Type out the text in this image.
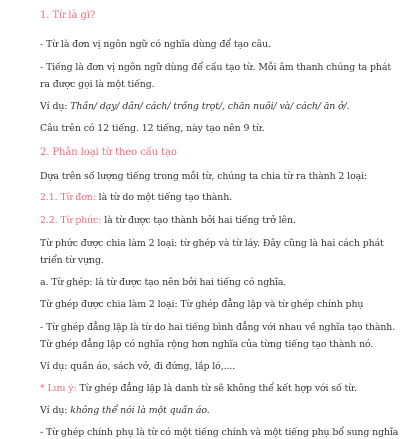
1. Từ là gì?
- Từ là đơn vị ngôn ngữ có nghĩa dùng để tạo câu.
- Tiếng là đơn vị ngôn ngữ dùng để cấu tạo từ. Mỗi âm thanh chúng ta phát
ra được gọi là một tiếng.
Ví dụ: Thần/ dạy/ dân/ cách/ trồng trọt/, chăn nuôi/ và/ cách/ ăn ở/.
Câu trên có 12 tiếng. 12 tiếng, này tạo nên 9 từ.
2. Phân loại từ theo cấu tạo
Dựa trên số lượng tiếng trong mỗi từ, chúng ta chia từ ra thành 2 loại:
2.1. Từ đơn: là từ do một tiếng tạo thành.
2.2. Từ phức: là từ được tạo thành bởi hai tiếng trở lên.
Từ phức được chia làm 2 loại: từ ghép và từ láy. Đây cũng là hai cách phát
triển từ vựng.
a. Từ ghép: là từ được tạo nên bởi hai tiếng có nghĩa.
Từ ghép được chia làm 2 loại: Từ ghép đẳng lập và từ ghép chính phụ
- Từ ghép đẳng lập là từ do hai tiếng bình đẳng với nhau về nghĩa tạo thành.
Từ ghép đẳng lập có nghĩa rộng hơn nghĩa của từng tiếng tạo thành nó.
Ví dụ: quần áo, sách vở, đi đứng, lắp ló,....
* Lưu ý: Từ ghép đẳng lập là danh từ sẽ không thể kết hợp với số từ.
Ví dụ: không thể nói là một quần áo.
- Từ ghép chính phụ là từ có một tiếng chính và một tiếng phụ bổ sung nghĩa
